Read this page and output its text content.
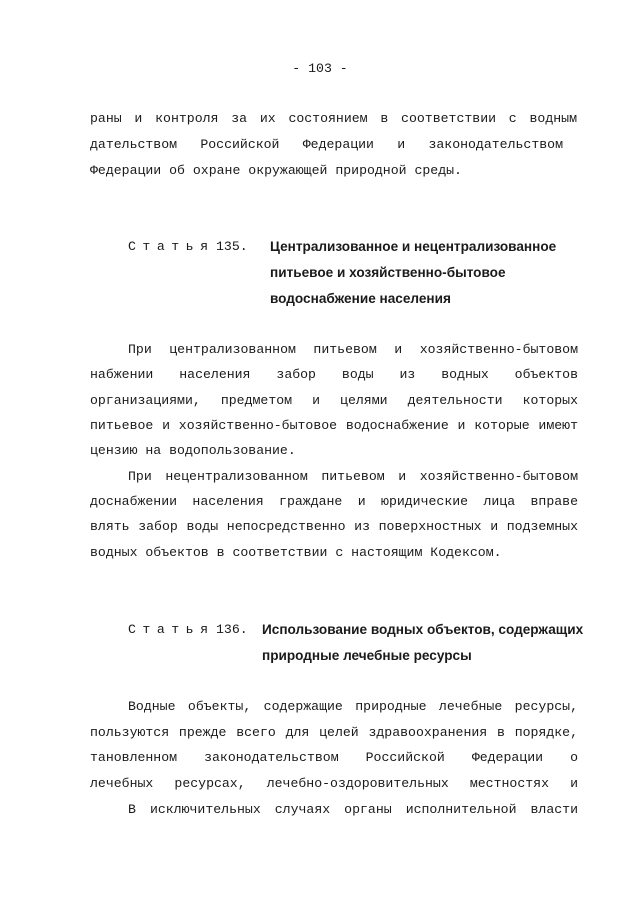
- 103 -
раны и контроля за их состоянием в соответствии с водным
дательством Российской Федерации и законодательством
Федерации об охране окружающей природной среды.
Статья 135. Централизованное и нецентрализованное
питьевое и хозяйственно-бытовое
водоснабжение населения
При централизованном питьевом и хозяйственно-бытовом
набжении населения забор воды из водных объектов
организациями, предметом и целями деятельности которых
питьевое и хозяйственно-бытовое водоснабжение и которые имеют
цензию на водопользование.
При нецентрализованном питьевом и хозяйственно-бытовом
доснабжении населения граждане и юридические лица вправе
влять забор воды непосредственно из поверхностных и подземных
водных объектов в соответствии с настоящим Кодексом.
Статья 136. Использование водных объектов, содержащих
природные лечебные ресурсы
Водные объекты, содержащие природные лечебные ресурсы,
пользуются прежде всего для целей здравоохранения в порядке,
тановленном законодательством Российской Федерации о
лечебных ресурсах, лечебно-оздоровительных местностях и
В исключительных случаях органы исполнительной власти
